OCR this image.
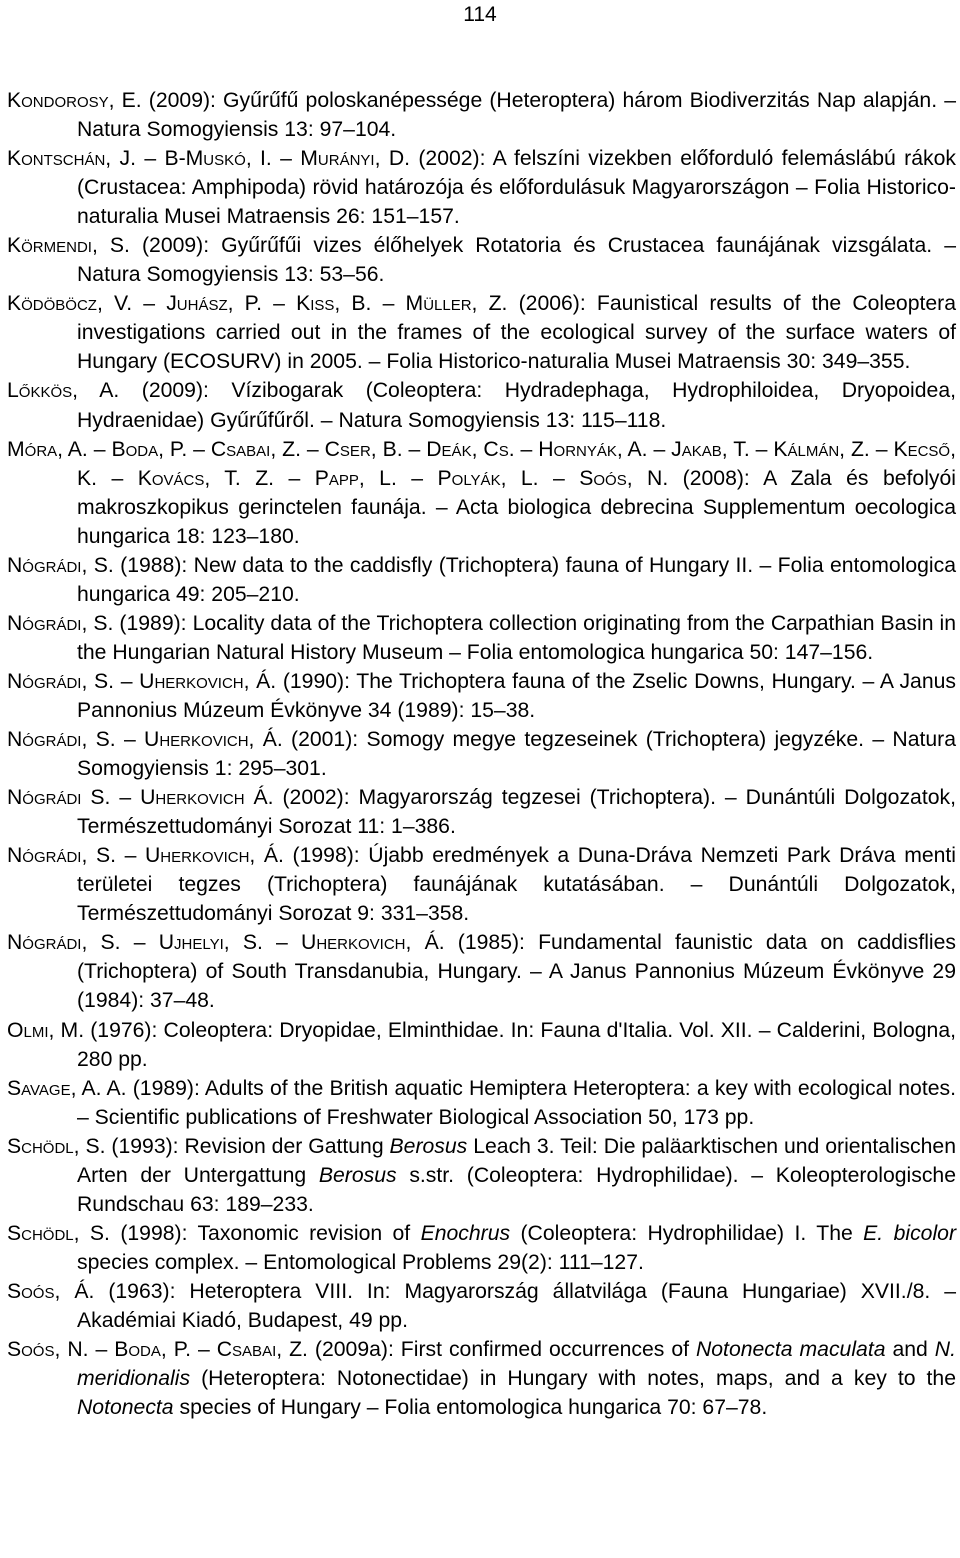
114

Kondorosy, E. (2009): Gyűrűfű poloskanépessége (Heteroptera) három Biodiverzitás Nap alapján. – Natura Somogyiensis 13: 97–104.

Kontschán, J. – B-Muskó, I. – Murányi, D. (2002): A felszíni vizekben előforduló felemáslábú rákok (Crustacea: Amphipoda) rövid határozója és előfordulásuk Magyarországon – Folia Historico-naturalia Musei Matraensis 26: 151–157.

Körmendi, S. (2009): Gyűrűfűi vizes élőhelyek Rotatoria és Crustacea faunájának vizsgálata. – Natura Somogyiensis 13: 53–56.

Ködöböcz, V. – Juhász, P. – Kiss, B. – Müller, Z. (2006): Faunistical results of the Coleoptera investigations carried out in the frames of the ecological survey of the surface waters of Hungary (ECOSURV) in 2005. – Folia Historico-naturalia Musei Matraensis 30: 349–355.

Lőkkös, A. (2009): Vízibogarak (Coleoptera: Hydradephaga, Hydrophiloidea, Dryopoidea, Hydraenidae) Gyűrűfűről. – Natura Somogyiensis 13: 115–118.

Móra, A. – Boda, P. – Csabai, Z. – Cser, B. – Deák, Cs. – Hornyák, A. – Jakab, T. – Kálmán, Z. – Kecső, K. – Kovács, T. Z. – Papp, L. – Polyák, L. – Soós, N. (2008): A Zala és befolyói makroszkopikus gerinctelen faunája. – Acta biologica debrecina Supplementum oecologica hungarica 18: 123–180.

Nógrádi, S. (1988): New data to the caddisfly (Trichoptera) fauna of Hungary II. – Folia entomologica hungarica 49: 205–210.

Nógrádi, S. (1989): Locality data of the Trichoptera collection originating from the Carpathian Basin in the Hungarian Natural History Museum – Folia entomologica hungarica 50: 147–156.

Nógrádi, S. – Uherkovich, Á. (1990): The Trichoptera fauna of the Zselic Downs, Hungary. – A Janus Pannonius Múzeum Évkönyve 34 (1989): 15–38.

Nógrádi, S. – Uherkovich, Á. (2001): Somogy megye tegzeseinek (Trichoptera) jegyzéke. – Natura Somogyiensis 1: 295–301.

Nógrádi S. – Uherkovich Á. (2002): Magyarország tegzesei (Trichoptera). – Dunántúli Dolgozatok, Természettudományi Sorozat 11: 1–386.

Nógrádi, S. – Uherkovich, Á. (1998): Újabb eredmények a Duna-Dráva Nemzeti Park Dráva menti területei tegzes (Trichoptera) faunájának kutatásában. – Dunántúli Dolgozatok, Természettudományi Sorozat 9: 331–358.

Nógrádi, S. – Ujhelyi, S. – Uherkovich, Á. (1985): Fundamental faunistic data on caddisflies (Trichoptera) of South Transdanubia, Hungary. – A Janus Pannonius Múzeum Évkönyve 29 (1984): 37–48.

Olmi, M. (1976): Coleoptera: Dryopidae, Elminthidae. In: Fauna d'Italia. Vol. XII. – Calderini, Bologna, 280 pp.

Savage, A. A. (1989): Adults of the British aquatic Hemiptera Heteroptera: a key with ecological notes. – Scientific publications of Freshwater Biological Association 50, 173 pp.

Schödl, S. (1993): Revision der Gattung Berosus Leach 3. Teil: Die paläarktischen und orientalischen Arten der Untergattung Berosus s.str. (Coleoptera: Hydrophilidae). – Koleopterologische Rundschau 63: 189–233.

Schödl, S. (1998): Taxonomic revision of Enochrus (Coleoptera: Hydrophilidae) I. The E. bicolor species complex. – Entomological Problems 29(2): 111–127.

Soós, Á. (1963): Heteroptera VIII. In: Magyarország állatvilága (Fauna Hungariae) XVII./8. – Akadémiai Kiadó, Budapest, 49 pp.

Soós, N. – Boda, P. – Csabai, Z. (2009a): First confirmed occurrences of Notonecta maculata and N. meridionalis (Heteroptera: Notonectidae) in Hungary with notes, maps, and a key to the Notonecta species of Hungary – Folia entomologica hungarica 70: 67–78.
